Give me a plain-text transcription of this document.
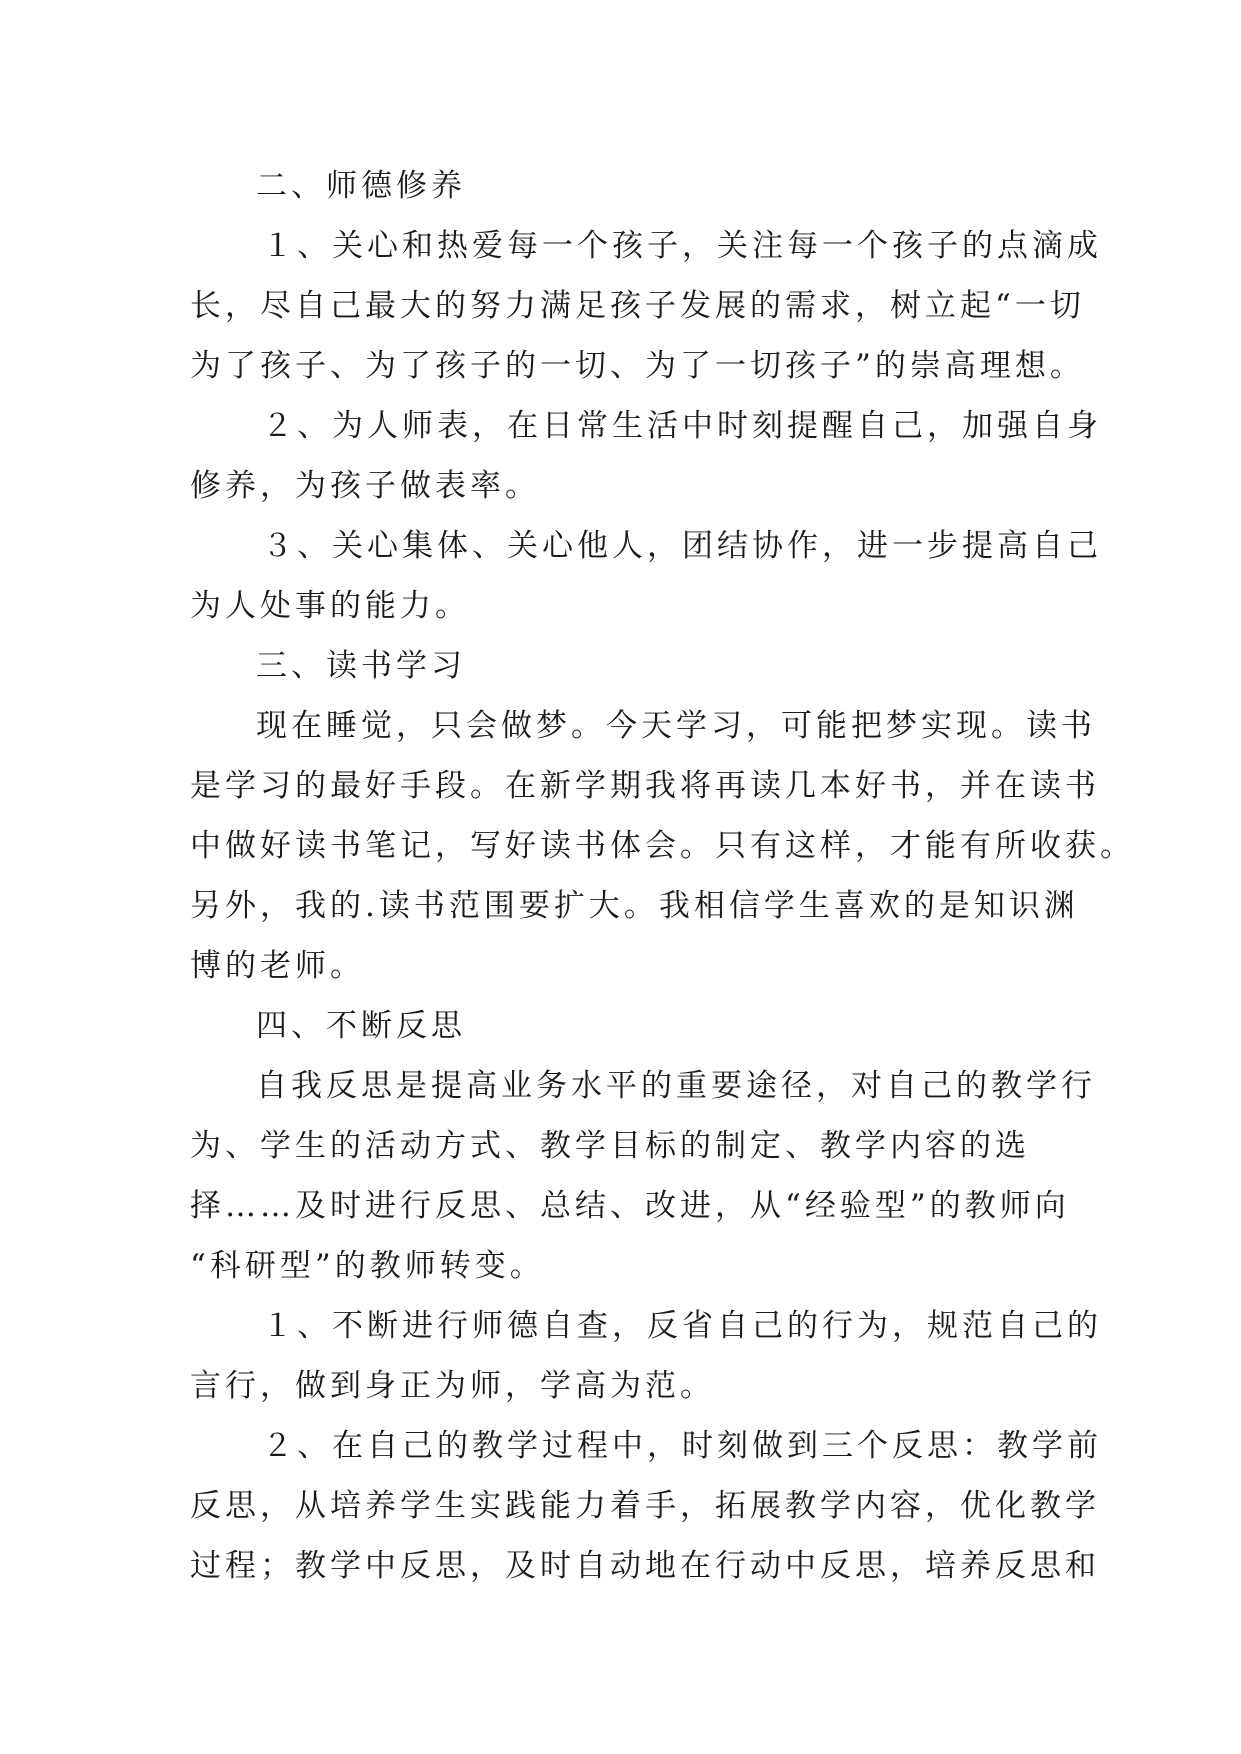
二、师德修养
１、关心和热爱每一个孩子，关注每一个孩子的点滴成
长，尽自己最大的努力满足孩子发展的需求，树立起“一切
为了孩子、为了孩子的一切、为了一切孩子”的崇高理想。
２、为人师表，在日常生活中时刻提醒自己，加强自身
修养，为孩子做表率。
３、关心集体、关心他人，团结协作，进一步提高自己
为人处事的能力。
三、读书学习
现在睡觉，只会做梦。今天学习，可能把梦实现。读书
是学习的最好手段。在新学期我将再读几本好书，并在读书
中做好读书笔记，写好读书体会。只有这样，才能有所收获。
另外，我的.读书范围要扩大。我相信学生喜欢的是知识渊
博的老师。
四、不断反思
自我反思是提高业务水平的重要途径，对自己的教学行
为、学生的活动方式、教学目标的制定、教学内容的选
择……及时进行反思、总结、改进，从“经验型”的教师向
“科研型”的教师转变。
１、不断进行师德自查，反省自己的行为，规范自己的
言行，做到身正为师，学高为范。
２、在自己的教学过程中，时刻做到三个反思：教学前
反思，从培养学生实践能力着手，拓展教学内容，优化教学
过程；教学中反思，及时自动地在行动中反思，培养反思和
